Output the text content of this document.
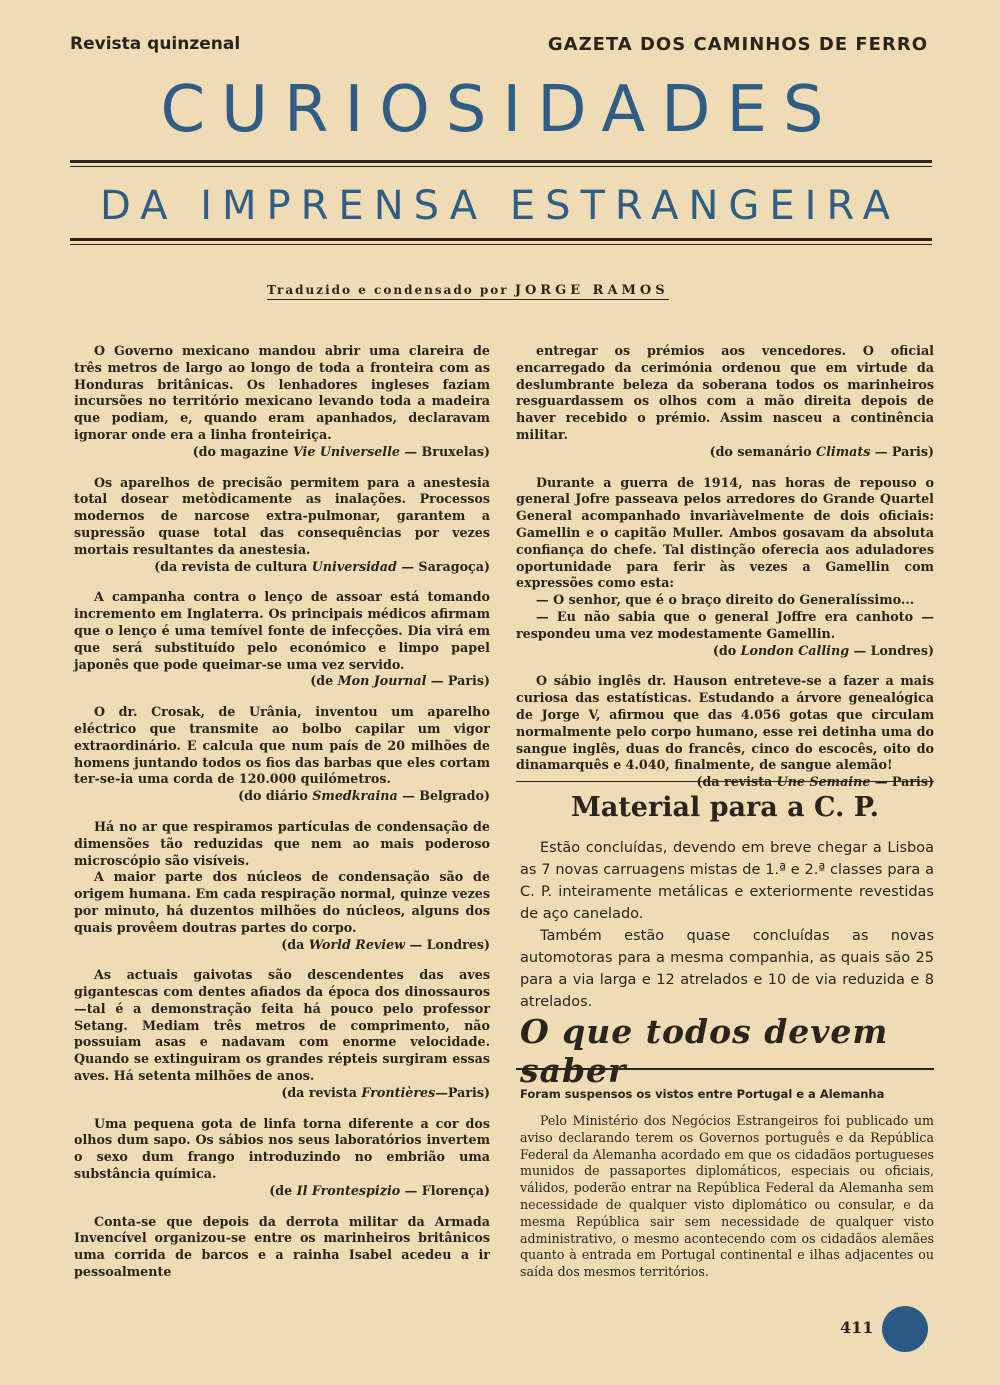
Revista quinzenal	GAZETA DOS CAMINHOS DE FERRO
CURIOSIDADES
DA IMPRENSA ESTRANGEIRA
Traduzido e condensado por JORGE RAMOS

O Governo mexicano mandou abrir uma clareira de três metros de largo ao longo de toda a fronteira com as Honduras britânicas. Os lenhadores ingleses faziam incursões no território mexicano levando toda a madeira que podiam, e, quando eram apanhados, declaravam ignorar onde era a linha fronteiriça.

(do magazine Vie Universelle — Bruxelas)

Os aparelhos de precisão permitem para a anestesia total dosear metòdicamente as inalações. Processos modernos de narcose extra-pulmonar, garantem a supressão quase total das consequências por vezes mortais resultantes da anestesia.

(da revista de cultura Universidad — Saragoça)

A campanha contra o lenço de assoar está tomando incremento em Inglaterra. Os principais médicos afirmam que o lenço é uma temível fonte de infecções. Dia virá em que será substituído pelo económico e limpo papel japonês que pode queimar-se uma vez servido.

(de Mon Journal — Paris)

O dr. Crosak, de Urânia, inventou um aparelho eléctrico que transmite ao bolbo capilar um vigor extraordinário. E calcula que num país de 20 milhões de homens juntando todos os fios das barbas que eles cortam ter-se-ia uma corda de 120.000 quilómetros.

(do diário Smedkraina — Belgrado)

Há no ar que respiramos partículas de condensação de dimensões tão reduzidas que nem ao mais poderoso microscópio são visíveis.

A maior parte dos núcleos de condensação são de origem humana. Em cada respiração normal, quinze vezes por minuto, há duzentos milhões do núcleos, alguns dos quais provêem doutras partes do corpo.

(da World Review — Londres)

As actuais gaivotas são descendentes das aves gigantescas com dentes afiados da época dos dinossauros—tal é a demonstração feita há pouco pelo professor Setang. Mediam três metros de comprimento, não possuiam asas e nadavam com enorme velocidade. Quando se extinguiram os grandes répteis surgiram essas aves. Há setenta milhões de anos.

(da revista Frontières—Paris)

Uma pequena gota de linfa torna diferente a cor dos olhos dum sapo. Os sábios nos seus laboratórios invertem o sexo dum frango introduzindo no embrião uma substância química.

(de Il Frontespizio — Florença)

Conta-se que depois da derrota militar da Armada Invencível organizou-se entre os marinheiros britânicos uma corrida de barcos e a rainha Isabel acedeu a ir pessoalmente

entregar os prémios aos vencedores. O oficial encarregado da cerimónia ordenou que em virtude da deslumbrante beleza da soberana todos os marinheiros resguardassem os olhos com a mão direita depois de haver recebido o prémio. Assim nasceu a continência militar.

(do semanário Climats — Paris)

Durante a guerra de 1914, nas horas de repouso o general Jofre passeava pelos arredores do Grande Quartel General acompanhado invariàvelmente de dois oficiais: Gamellin e o capitão Muller. Ambos gosavam da absoluta confiança do chefe. Tal distinção oferecia aos aduladores oportunidade para ferir às vezes a Gamellin com expressões como esta:

— O senhor, que é o braço direito do Generalíssimo...

— Eu não sabia que o general Joffre era canhoto — respondeu uma vez modestamente Gamellin.

(do London Calling — Londres)

O sábio inglês dr. Hauson entreteve-se a fazer a mais curiosa das estatísticas. Estudando a árvore genealógica de Jorge V, afirmou que das 4.056 gotas que circulam normalmente pelo corpo humano, esse rei detinha uma do sangue inglês, duas do francês, cinco do escocês, oito do dinamarquês e 4.040, finalmente, de sangue alemão!

(da revista Une Semaine — Paris)
Material para a C. P.

Estão concluídas, devendo em breve chegar a Lisboa as 7 novas carruagens mistas de 1.ª e 2.ª classes para a C. P. inteiramente metálicas e exteriormente revestidas de aço canelado.

Também estão quase concluídas as novas automotoras para a mesma companhia, as quais são 25 para a via larga e 12 atrelados e 10 de via reduzida e 8 atrelados.

O que todos devem saber
Foram suspensos os vistos entre Portugal e a Alemanha

Pelo Ministério dos Negócios Estrangeiros foi publicado um aviso declarando terem os Governos português e da República Federal da Alemanha acordado em que os cidadãos portugueses munidos de passaportes diplomáticos, especiais ou oficiais, válidos, poderão entrar na República Federal da Alemanha sem necessidade de qualquer visto diplomático ou consular, e da mesma República sair sem necessidade de qualquer visto administrativo, o mesmo acontecendo com os cidadãos alemães quanto à entrada em Portugal continental e ilhas adjacentes ou saída dos mesmos territórios.

411
